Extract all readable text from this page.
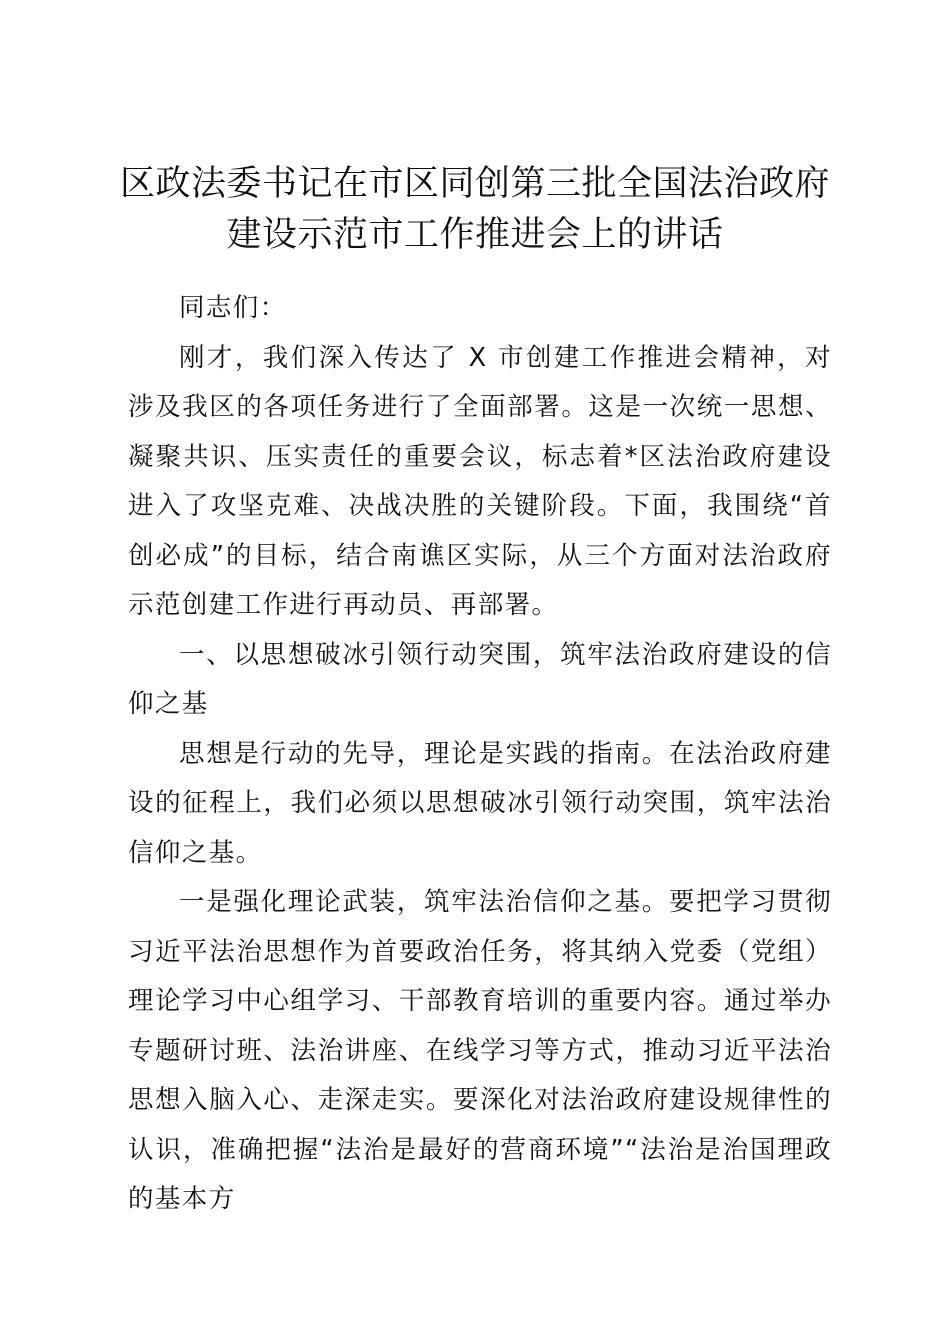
区政法委书记在市区同创第三批全国法治政府
建设示范市工作推进会上的讲话

同志们：

刚才，我们深入传达了 X 市创建工作推进会精神，对涉及我区的各项任务进行了全面部署。这是一次统一思想、凝聚共识、压实责任的重要会议，标志着*区法治政府建设进入了攻坚克难、决战决胜的关键阶段。下面，我围绕“首创必成”的目标，结合南谯区实际，从三个方面对法治政府示范创建工作进行再动员、再部署。

一、以思想破冰引领行动突围，筑牢法治政府建设的信仰之基

思想是行动的先导，理论是实践的指南。在法治政府建设的征程上，我们必须以思想破冰引领行动突围，筑牢法治信仰之基。

一是强化理论武装，筑牢法治信仰之基。要把学习贯彻习近平法治思想作为首要政治任务，将其纳入党委（党组）理论学习中心组学习、干部教育培训的重要内容。通过举办专题研讨班、法治讲座、在线学习等方式，推动习近平法治思想入脑入心、走深走实。要深化对法治政府建设规律性的认识，准确把握“法治是最好的营商环境”“法治是治国理政的基本方
